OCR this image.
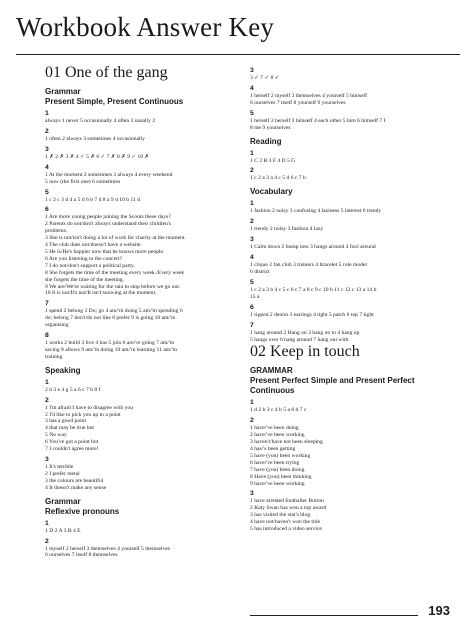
Workbook Answer Key
01 One of the gang
Grammar
Present Simple, Present Continuous
1
always 1 never 5 occasionally 4 often 3 usually 2
2
1 often 2 always 3 sometimes 4 occasionally
3
1 ✗ 2 ✗ 3 ✗ 4 ✓ 5 ✗ 6 ✓ 7 ✗ 8 ✗ 9 ✓ 10 ✗
4
1 At the moment 2 sometimes 3 always 4 every weekend
5 now (the first one) 6 sometimes
5
1 c 2 c 3 d 4 a 5 d 6 b 7 d 8 a 9 d 10 b 11 d
6
1 Are more young people joining the Scouts these days?
2 Parents do not/don't always understand their children's
problems.
3 She is not/isn't doing a lot of work for charity at the moment.
4 The club does not/doesn't have a website.
5 He is/He's happier now that he knows more people.
6 Are you listening to the concert?
7 I do not/don't support a political party.
8 She forgets the time of the meeting every week./Every week
she forgets the time of the meeting.
9 We are/We're waiting for the rain to stop before we go out.
10 It is not/It's not/It isn't snowing at the moment.
7
1 spend 2 belong 3 Do; go 4 am/'m doing 5 am/'m spending 6
do; belong 7 don't/do not like 8 prefer 9 is going 10 am/'m
organising
8
1 works 2 build 3 live 4 has 5 join 6 are/'re going 7 am/'m
saving 8 allows 9 am/'m doing 10 am/'m learning 11 am/'m
training
Speaking
1
2 h 3 e 4 g 5 a 6 c 7 b 8 f
2
1 I'm afraid I have to disagree with you
2 I'd like to pick you up to a point
3 has a good point
4 that may be true but
5 No way
6 You've got a point but
7 I couldn't agree more!
3
1 It's terrible
2 I prefer metal
3 the colours are beautiful
4 It doesn't make any sense
Grammar
Reflexive pronouns
1
1 D 2 A 3 B 4 E
2
1 myself 2 herself 3 themselves 4 yourself 5 themselves
6 ourselves 7 itself 8 themselves
3
3 ✓ 7 ✓ 8 ✓
4
1 herself 2 myself 3 themselves 4 yourself 5 himself
6 ourselves 7 itself 8 yourself 9 yourselves
5
1 herself 2 herself 3 himself 4 each other 5 him 6 himself 7 I
8 me 9 yourselves
Reading
1
1 C 2 B 3 F 4 D 5 G
2
1 c 2 a 3 a 4 c 5 d 6 c 7 b
Vocabulary
1
1 fashion 2 noisy 3 confusing 4 laziness 5 interest 6 trendy
2
1 trendy 2 noisy 3 fashion 4 lazy
3
1 Calm down 2 bump into 3 hangs around 4 fool around
4
1 clique 2 fan club 3 trainers 4 bracelet 5 role model
6 district
5
1 c 2 a 3 b 4 c 5 c 6 c 7 a 8 c 9 c 10 b 11 c 12 c 13 a 14 b
15 a
6
1 ripped 2 denim 3 earrings 4 tight 5 patch 6 top 7 tight
7
1 hang around 2 Hang on 3 hang on to 4 hang up
5 hangs over 6 hang around 7 hang out with
02 Keep in touch
GRAMMAR
Present Perfect Simple and Present Perfect
Continuous
1
1 d 2 b 3 c 4 b 5 a 6 d 7 c
2
1 have/'ve been doing
2 have/'ve been working
3 haven't/have not been sleeping
4 has/'s been getting
5 have (you) been working
6 have/'ve been trying
7 have (you) been doing
8 Have (you) been thinking
9 have/'ve been working
3
1 have arrested footballer Burton
2 Katy Swan has won a top award
3 has visited the star's blog
4 have not/haven't won the title
5 has introduced a video service
193
